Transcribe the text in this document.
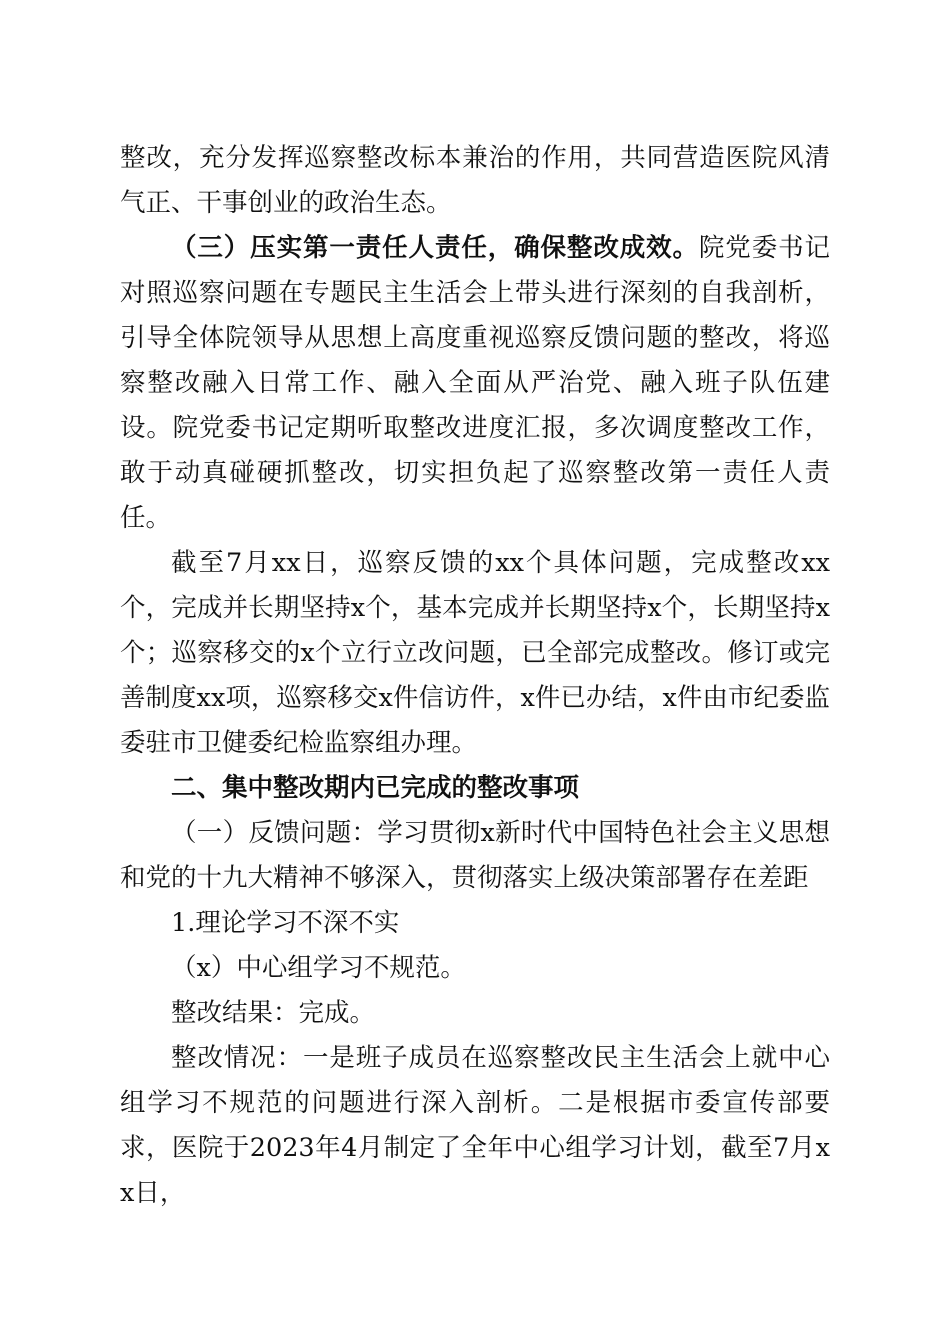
整改，充分发挥巡察整改标本兼治的作用，共同营造医院风清气正、干事创业的政治生态。

（三）压实第一责任人责任，确保整改成效。院党委书记对照巡察问题在专题民主生活会上带头进行深刻的自我剖析，引导全体院领导从思想上高度重视巡察反馈问题的整改，将巡察整改融入日常工作、融入全面从严治党、融入班子队伍建设。院党委书记定期听取整改进度汇报，多次调度整改工作，敢于动真碰硬抓整改，切实担负起了巡察整改第一责任人责任。

截至7月xx日，巡察反馈的xx个具体问题，完成整改xx个，完成并长期坚持x个，基本完成并长期坚持x个，长期坚持x个；巡察移交的x个立行立改问题，已全部完成整改。修订或完善制度xx项，巡察移交x件信访件，x件已办结，x件由市纪委监委驻市卫健委纪检监察组办理。

二、集中整改期内已完成的整改事项

（一）反馈问题：学习贯彻x新时代中国特色社会主义思想和党的十九大精神不够深入，贯彻落实上级决策部署存在差距

1.理论学习不深不实

（x）中心组学习不规范。

整改结果：完成。

整改情况：一是班子成员在巡察整改民主生活会上就中心组学习不规范的问题进行深入剖析。二是根据市委宣传部要求，医院于2023年4月制定了全年中心组学习计划，截至7月xx日，
